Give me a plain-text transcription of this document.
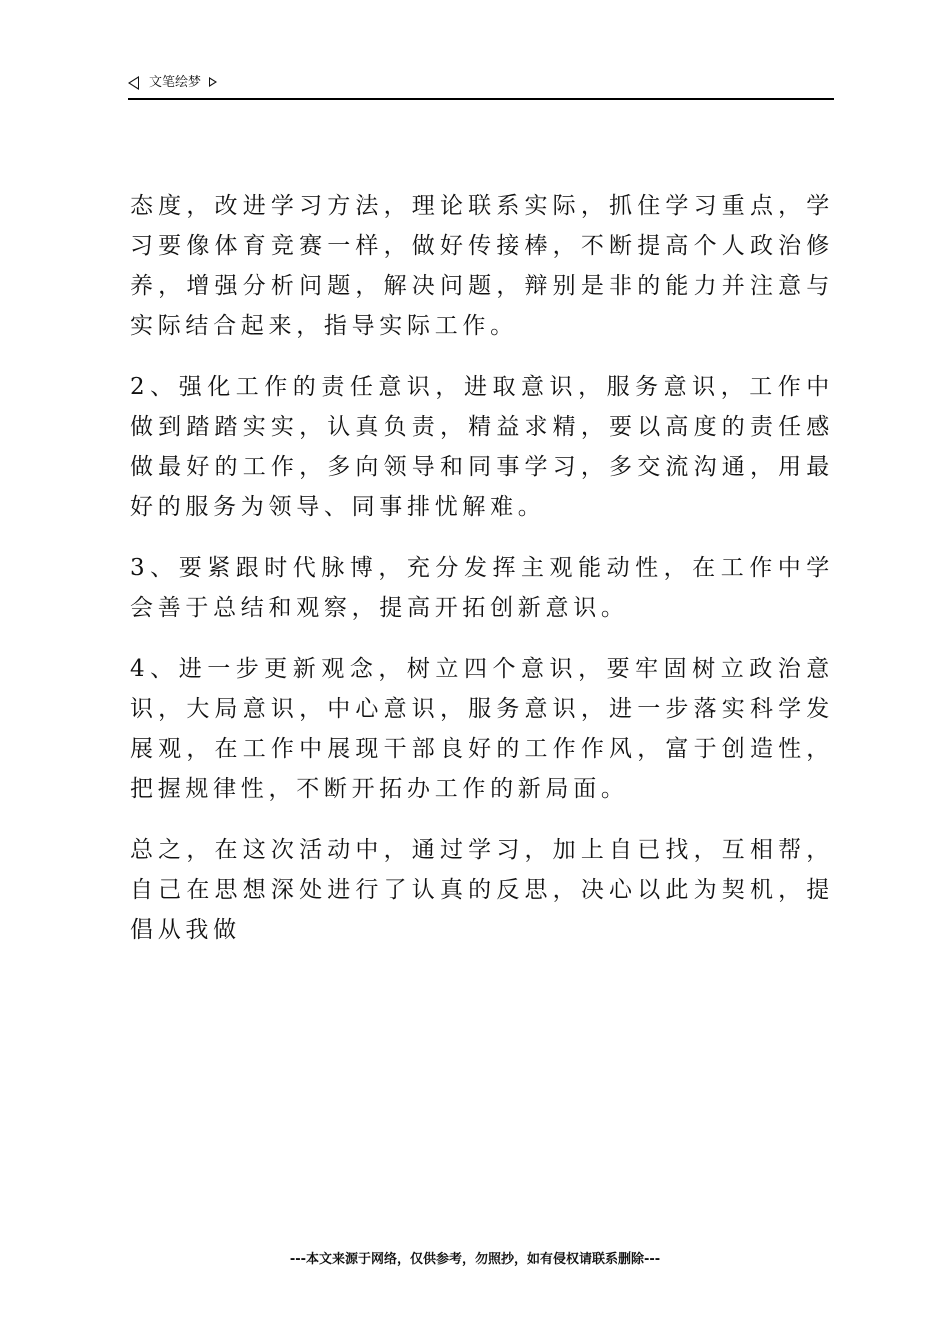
文笔绘梦

态度，改进学习方法，理论联系实际，抓住学习重点，学习要像体育竞赛一样，做好传接棒，不断提高个人政治修养，增强分析问题，解决问题，辩别是非的能力并注意与实际结合起来，指导实际工作。

2、强化工作的责任意识，进取意识，服务意识，工作中做到踏踏实实，认真负责，精益求精，要以高度的责任感做最好的工作，多向领导和同事学习，多交流沟通，用最好的服务为领导、同事排忧解难。

3、要紧跟时代脉博，充分发挥主观能动性，在工作中学会善于总结和观察，提高开拓创新意识。

4、进一步更新观念，树立四个意识，要牢固树立政治意识，大局意识，中心意识，服务意识，进一步落实科学发展观，在工作中展现干部良好的工作作风，富于创造性，把握规律性，不断开拓办工作的新局面。

总之，在这次活动中，通过学习，加上自已找，互相帮，自己在思想深处进行了认真的反思，决心以此为契机，提倡从我做

---本文来源于网络，仅供参考，勿照抄，如有侵权请联系删除---
